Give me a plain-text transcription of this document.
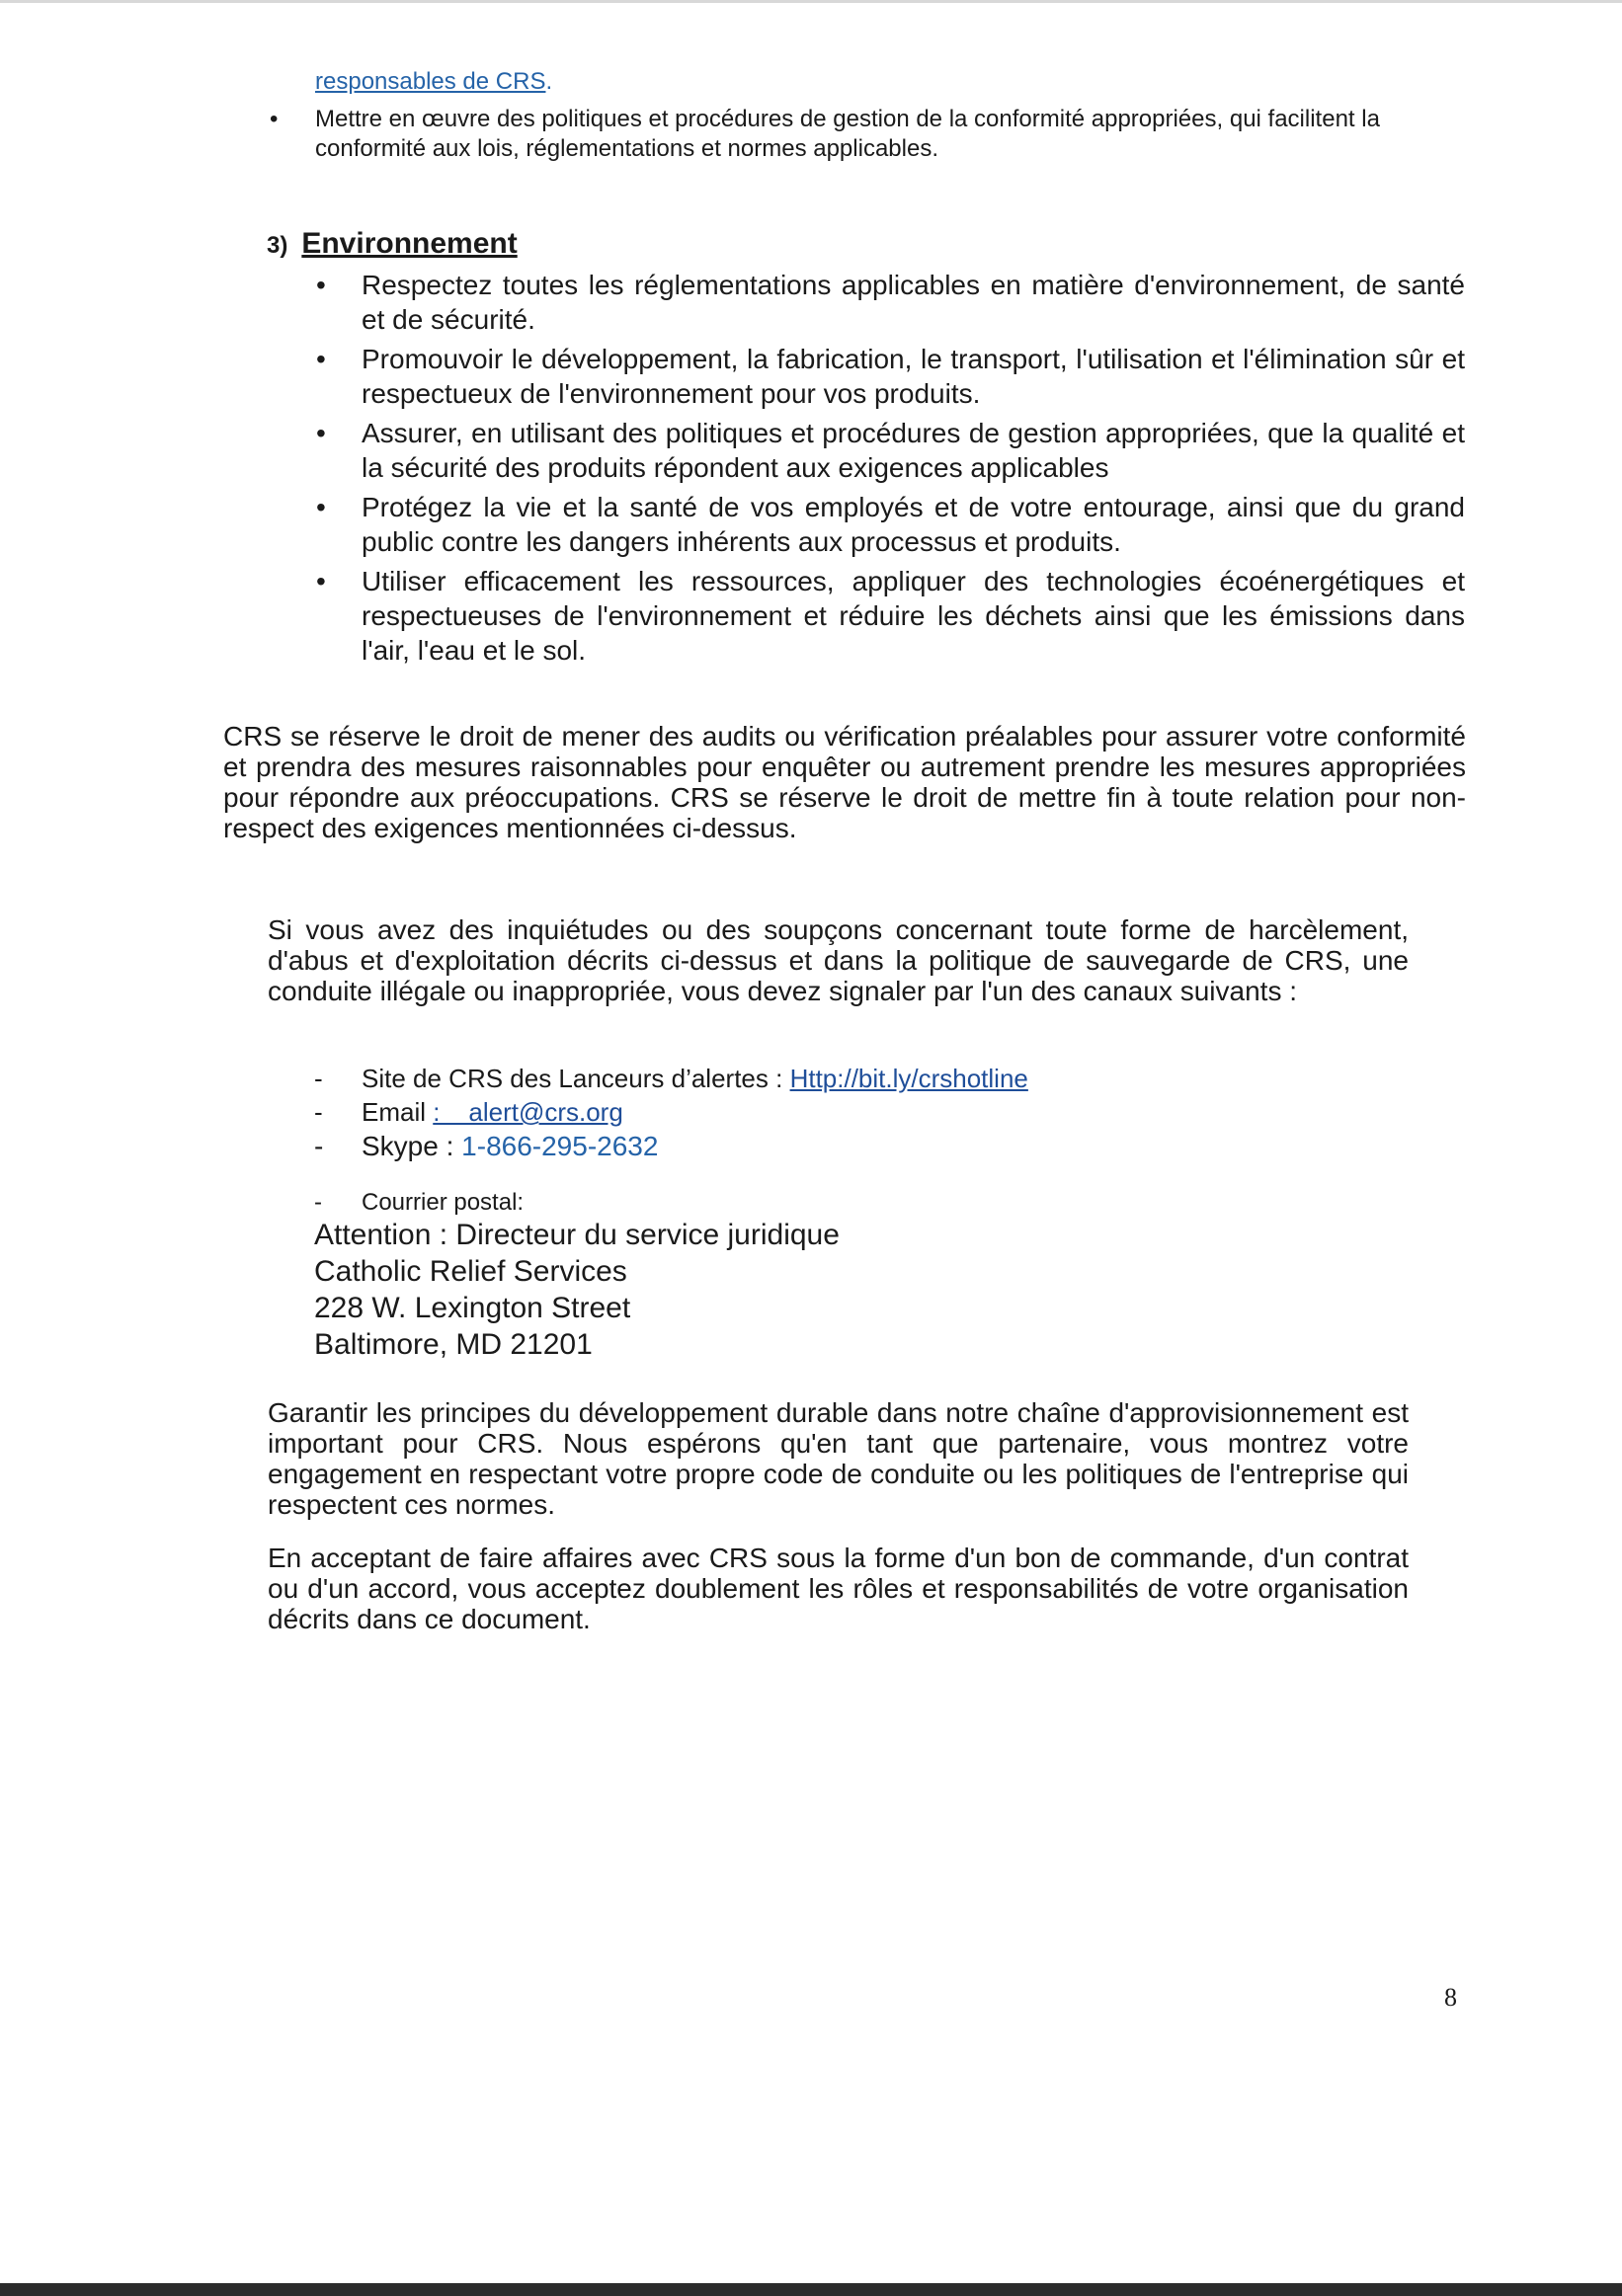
responsables de CRS.
• Mettre en œuvre des politiques et procédures de gestion de la conformité appropriées, qui facilitent la conformité aux lois, réglementations et normes applicables.
3) Environnement
• Respectez toutes les réglementations applicables en matière d'environnement, de santé et de sécurité.
• Promouvoir le développement, la fabrication, le transport, l'utilisation et l'élimination sûr et respectueux de l'environnement pour vos produits.
• Assurer, en utilisant des politiques et procédures de gestion appropriées, que la qualité et la sécurité des produits répondent aux exigences applicables
• Protégez la vie et la santé de vos employés et de votre entourage, ainsi que du grand public contre les dangers inhérents aux processus et produits.
• Utiliser efficacement les ressources, appliquer des technologies écoénergétiques et respectueuses de l'environnement et réduire les déchets ainsi que les émissions dans l'air, l'eau et le sol.

CRS se réserve le droit de mener des audits ou vérification préalables pour assurer votre conformité et prendra des mesures raisonnables pour enquêter ou autrement prendre les mesures appropriées pour répondre aux préoccupations. CRS se réserve le droit de mettre fin à toute relation pour non-respect des exigences mentionnées ci-dessus.

Si vous avez des inquiétudes ou des soupçons concernant toute forme de harcèlement, d'abus et d'exploitation décrits ci-dessus et dans la politique de sauvegarde de CRS, une conduite illégale ou inappropriée, vous devez signaler par l'un des canaux suivants :

- Site de CRS des Lanceurs d’alertes : Http://bit.ly/crshotline
- Email :    alert@crs.org
- Skype : 1-866-295-2632
- Courrier postal:
Attention : Directeur du service juridique
Catholic Relief Services
228 W. Lexington Street
Baltimore, MD 21201

Garantir les principes du développement durable dans notre chaîne d'approvisionnement est important pour CRS. Nous espérons qu'en tant que partenaire, vous montrez votre engagement en respectant votre propre code de conduite ou les politiques de l'entreprise qui respectent ces normes.

En acceptant de faire affaires avec CRS sous la forme d'un bon de commande, d'un contrat ou d'un accord, vous acceptez doublement les rôles et responsabilités de votre organisation décrits dans ce document.

8
